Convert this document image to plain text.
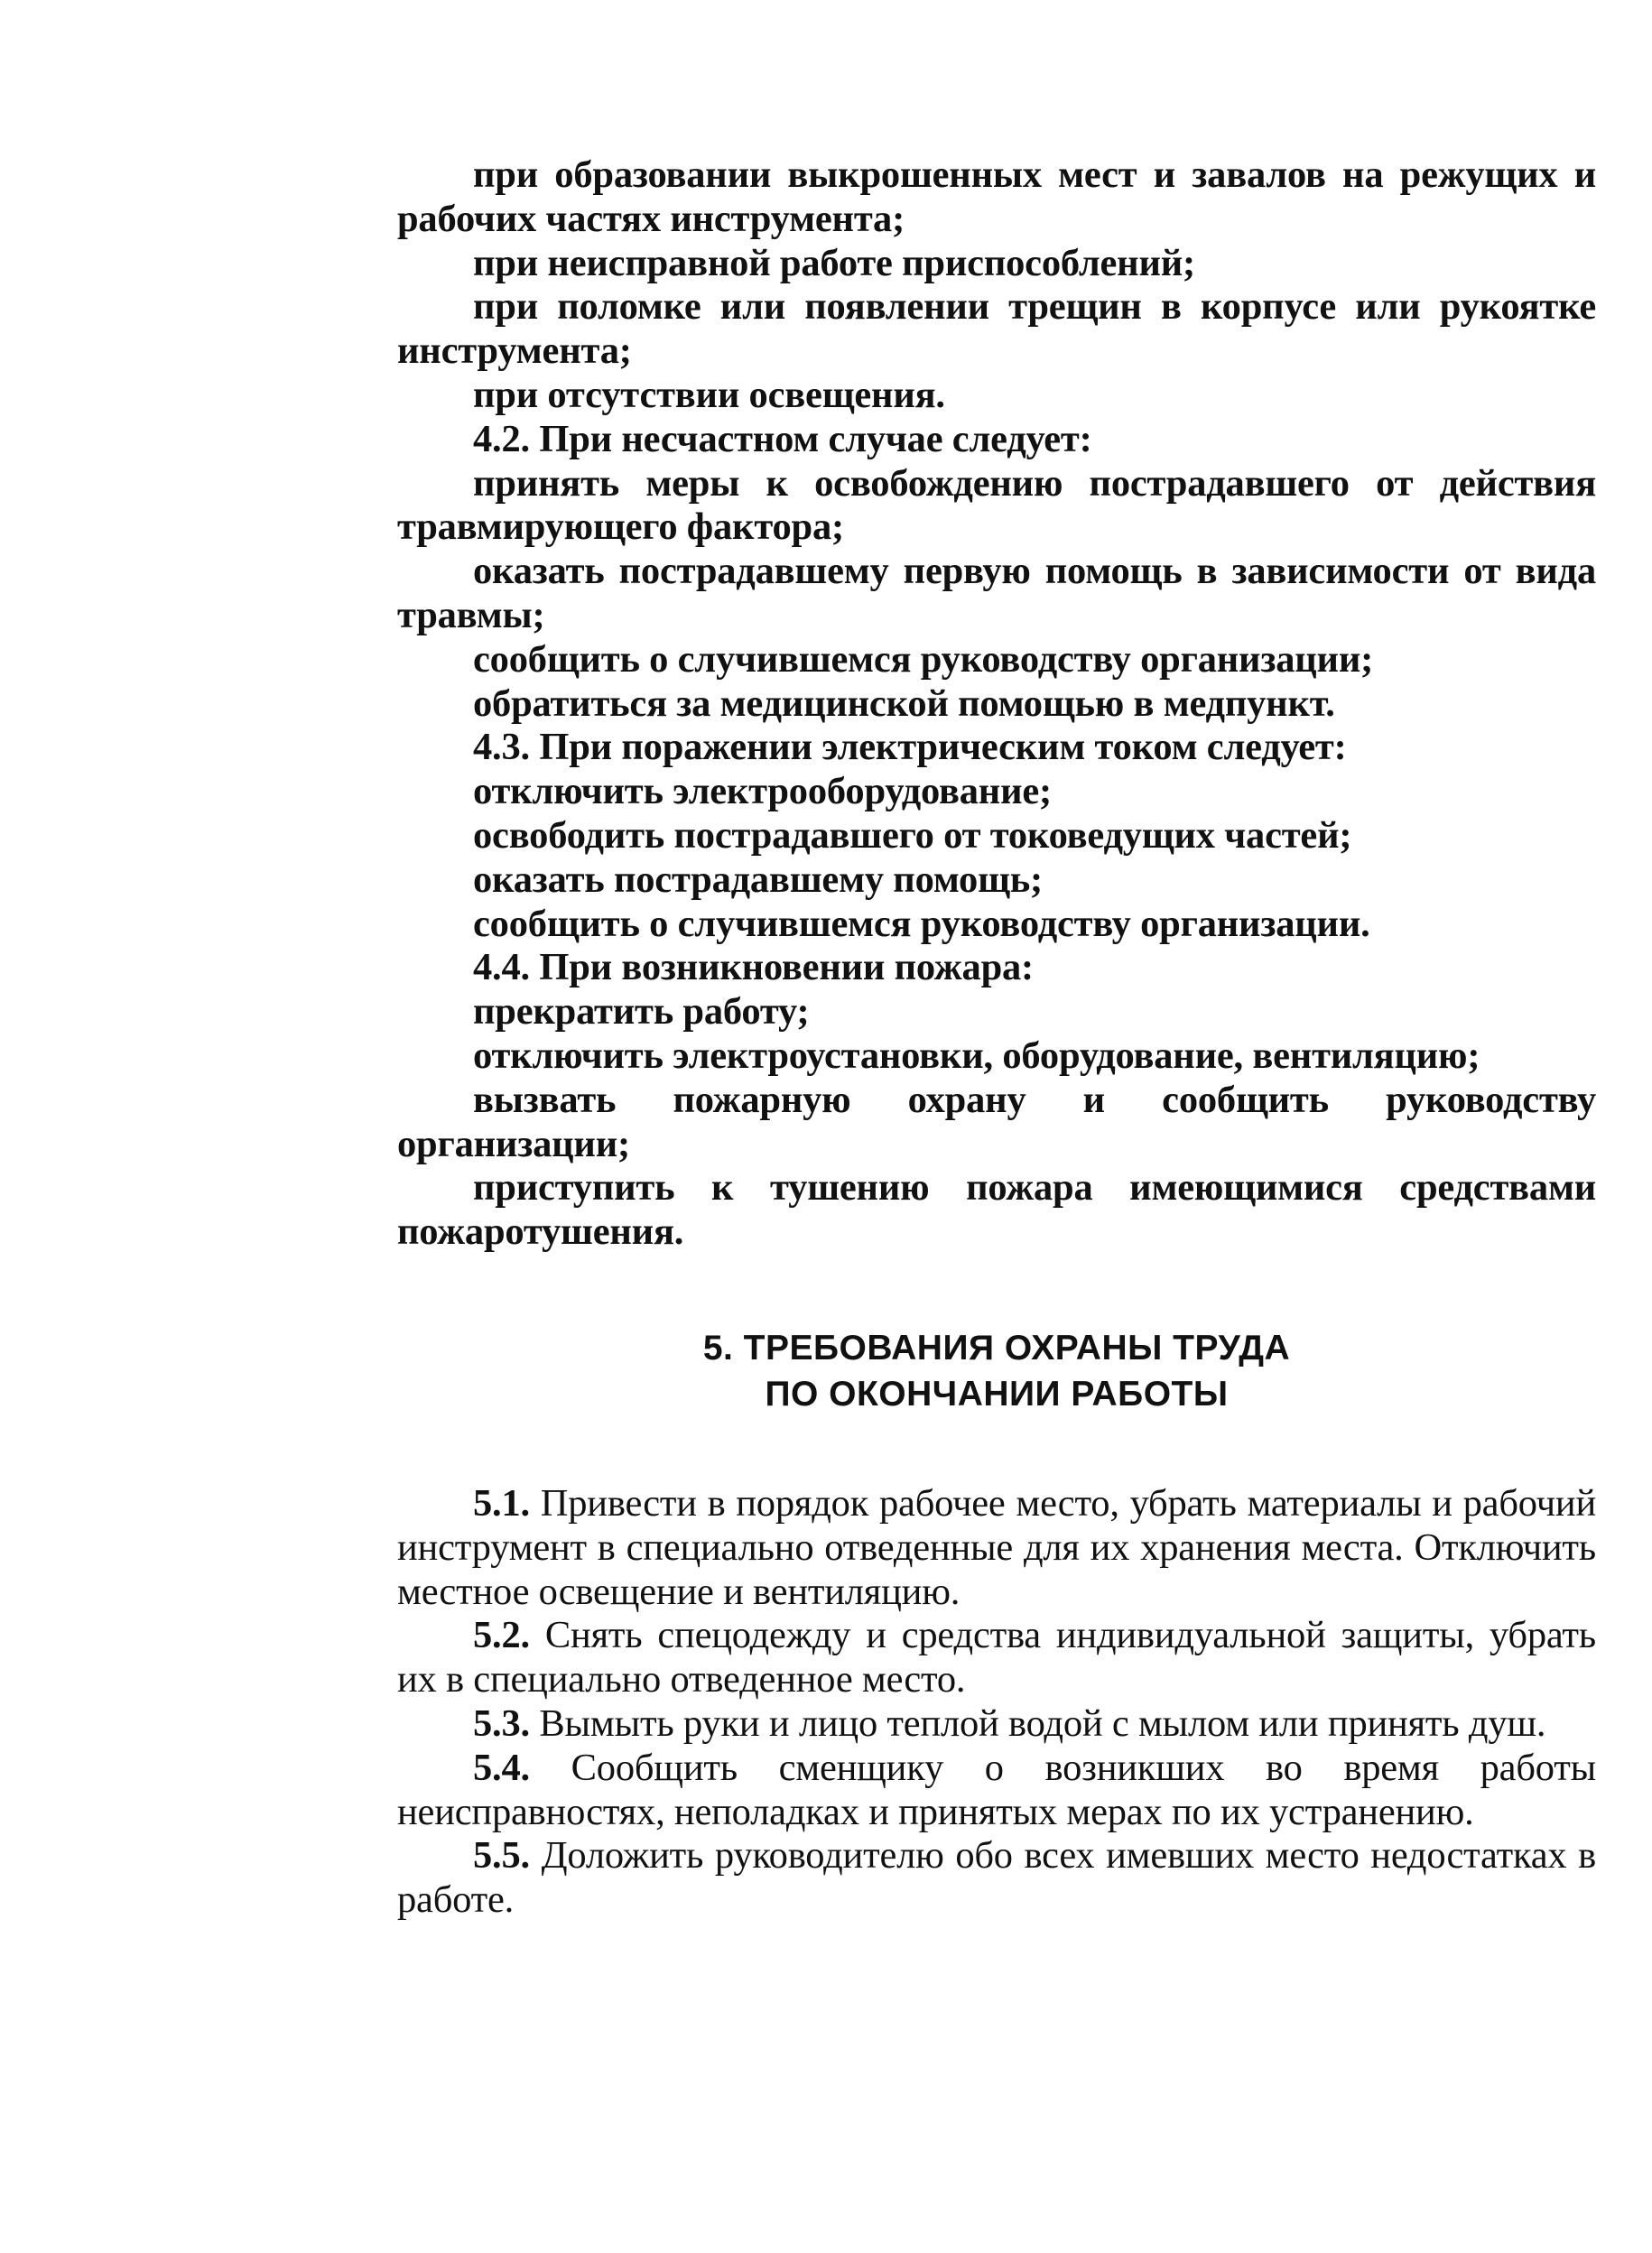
при образовании выкрошенных мест и завалов на режущих и рабочих частях инструмента;

при неисправной работе приспособлений;

при поломке или появлении трещин в корпусе или рукоятке инструмента;

при отсутствии освещения.

4.2. При несчастном случае следует:

принять меры к освобождению пострадавшего от действия травмирующего фактора;

оказать пострадавшему первую помощь в зависимости от вида травмы;

сообщить о случившемся руководству организации;

обратиться за медицинской помощью в медпункт.

4.3. При поражении электрическим током следует:

отключить электрооборудование;

освободить пострадавшего от токоведущих частей;

оказать пострадавшему помощь;

сообщить о случившемся руководству организации.

4.4. При возникновении пожара:

прекратить работу;

отключить электроустановки, оборудование, вентиляцию;

вызвать пожарную охрану и сообщить руководству организации;

приступить к тушению пожара имеющимися средствами пожаротушения.

5. ТРЕБОВАНИЯ ОХРАНЫ ТРУДА

ПО ОКОНЧАНИИ РАБОТЫ

5.1. Привести в порядок рабочее место, убрать материалы и рабочий инструмент в специально отведенные для их хранения места. Отключить местное освещение и вентиляцию.

5.2. Снять спецодежду и средства индивидуальной защиты, убрать их в специально отведенное место.

5.3. Вымыть руки и лицо теплой водой с мылом или принять душ.

5.4. Сообщить сменщику о возникших во время работы неисправностях, неполадках и принятых мерах по их устранению.

5.5. Доложить руководителю обо всех имевших место недостатках в работе.
